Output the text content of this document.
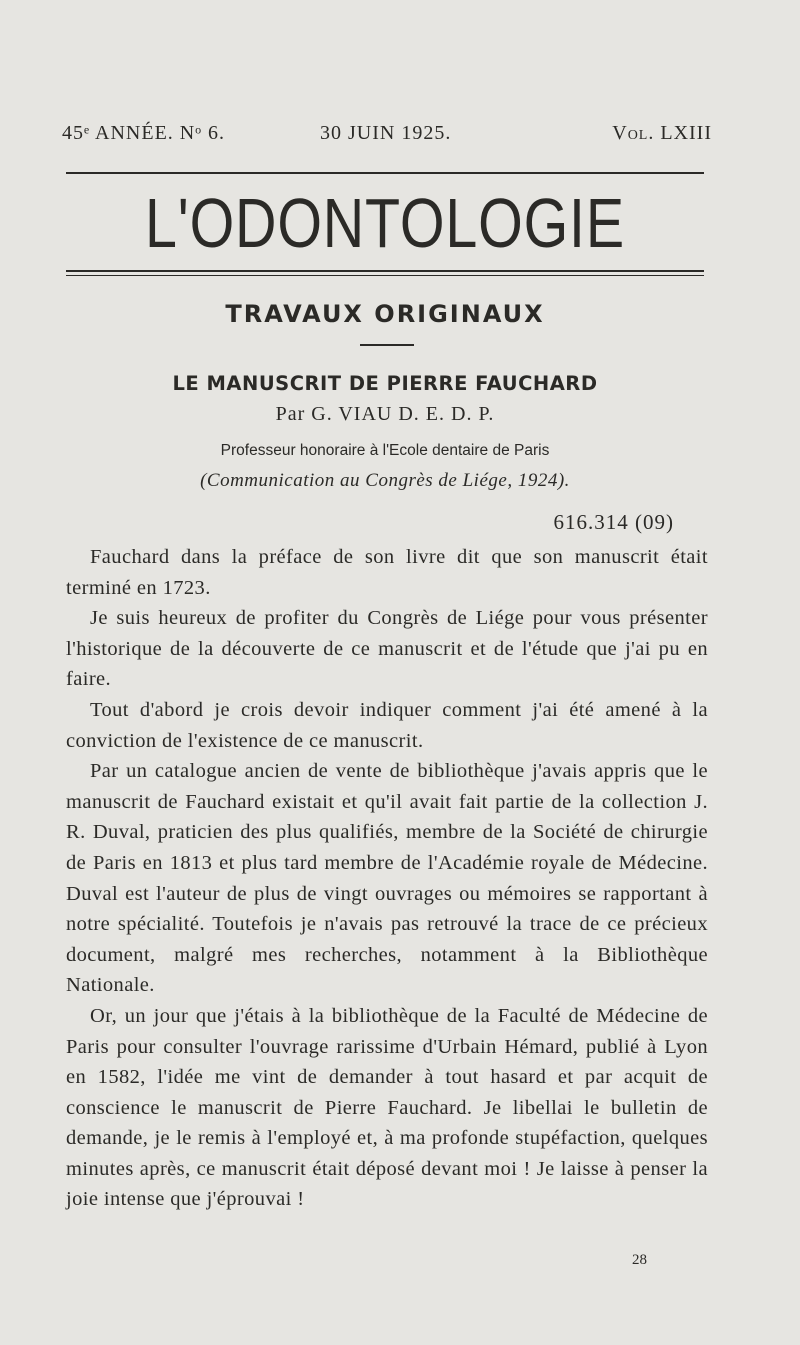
45ᵉ ANNÉE. Nᵒ 6.	30 JUIN 1925.	Vol. LXIII
L'ODONTOLOGIE
TRAVAUX ORIGINAUX
LE MANUSCRIT DE PIERRE FAUCHARD
Par G. VIAU D. E. D. P.
Professeur honoraire à l'Ecole dentaire de Paris
(Communication au Congrès de Liége, 1924).
616.314 (09)

Fauchard dans la préface de son livre dit que son manuscrit était terminé en 1723.

Je suis heureux de profiter du Congrès de Liége pour vous présenter l'historique de la découverte de ce manuscrit et de l'étude que j'ai pu en faire.

Tout d'abord je crois devoir indiquer comment j'ai été amené à la conviction de l'existence de ce manuscrit.

Par un catalogue ancien de vente de bibliothèque j'avais appris que le manuscrit de Fauchard existait et qu'il avait fait partie de la collection J. R. Duval, praticien des plus qualifiés, membre de la Société de chirurgie de Paris en 1813 et plus tard membre de l'Académie royale de Médecine. Duval est l'auteur de plus de vingt ouvrages ou mémoires se rapportant à notre spécialité. Toutefois je n'avais pas retrouvé la trace de ce précieux document, malgré mes recherches, notamment à la Bibliothèque Nationale.

Or, un jour que j'étais à la bibliothèque de la Faculté de Médecine de Paris pour consulter l'ouvrage rarissime d'Urbain Hémard, publié à Lyon en 1582, l'idée me vint de demander à tout hasard et par acquit de conscience le manuscrit de Pierre Fauchard. Je libellai le bulletin de demande, je le remis à l'employé et, à ma profonde stupéfaction, quelques minutes après, ce manuscrit était déposé devant moi ! Je laisse à penser la joie intense que j'éprouvai !

28
